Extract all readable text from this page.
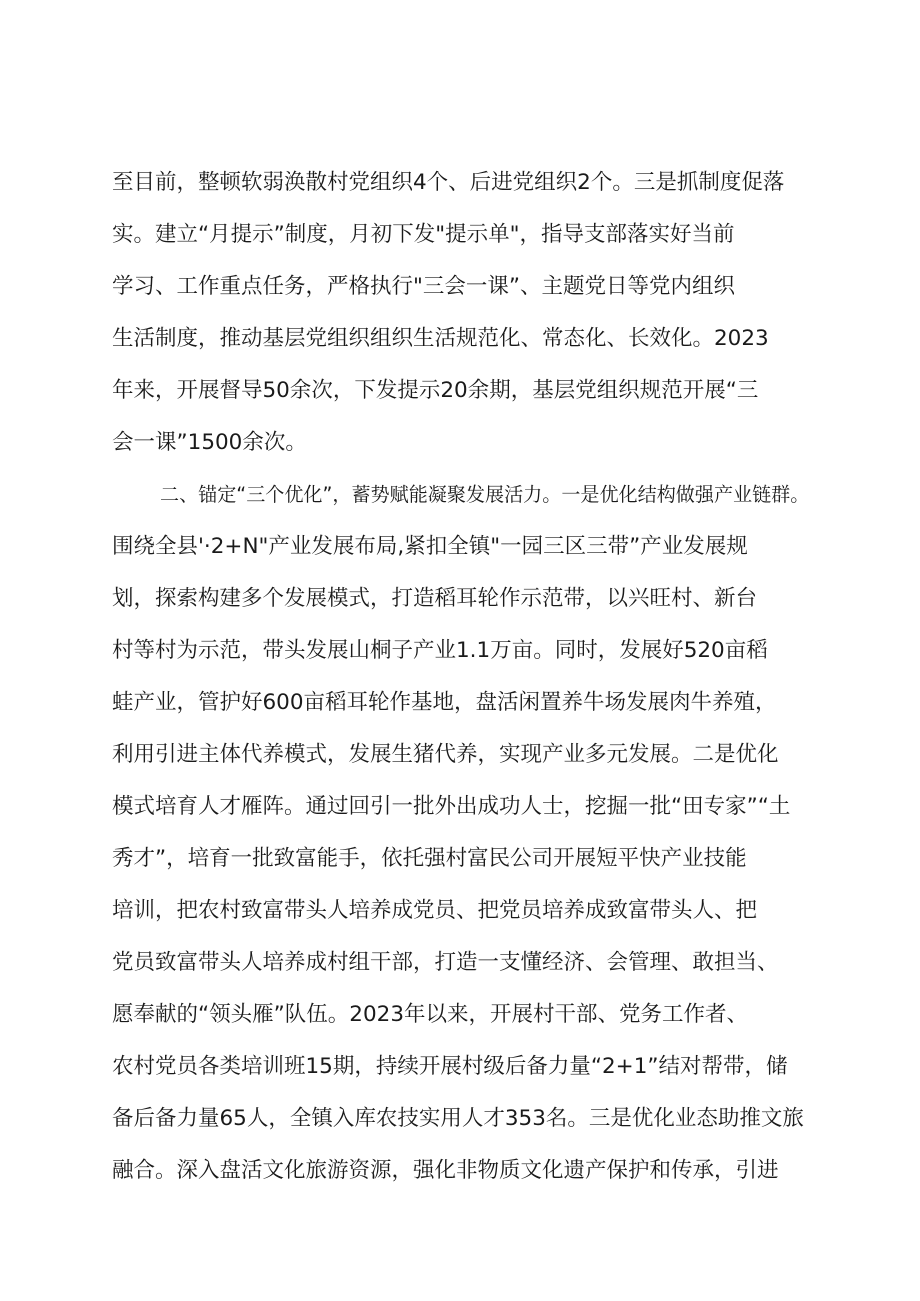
至目前，整顿软弱涣散村党组织4个、后进党组织2个。三是抓制度促落
实。建立“月提示”制度，月初下发"提示单"，指导支部落实好当前
学习、工作重点任务，严格执行"三会一课”、主题党日等党内组织
生活制度，推动基层党组织组织生活规范化、常态化、长效化。2023
年来，开展督导50余次，下发提示20余期，基层党组织规范开展“三
会一课”1500余次。
二、锚定“三个优化”，蓄势赋能凝聚发展活力。一是优化结构做强产业链群。
围绕全县'·2+N"产业发展布局,紧扣全镇"一园三区三带”产业发展规
划，探索构建多个发展模式，打造稻耳轮作示范带，以兴旺村、新台
村等村为示范，带头发展山桐子产业1.1万亩。同时，发展好520亩稻
蛙产业，管护好600亩稻耳轮作基地，盘活闲置养牛场发展肉牛养殖，
利用引进主体代养模式，发展生猪代养，实现产业多元发展。二是优化
模式培育人才雁阵。通过回引一批外出成功人士，挖掘一批“田专家”“土
秀才”，培育一批致富能手，依托强村富民公司开展短平快产业技能
培训，把农村致富带头人培养成党员、把党员培养成致富带头人、把
党员致富带头人培养成村组干部，打造一支懂经济、会管理、敢担当、
愿奉献的“领头雁”队伍。2023年以来，开展村干部、党务工作者、
农村党员各类培训班15期，持续开展村级后备力量“2+1”结对帮带，储
备后备力量65人，全镇入库农技实用人才353名。三是优化业态助推文旅
融合。深入盘活文化旅游资源，强化非物质文化遗产保护和传承，引进
